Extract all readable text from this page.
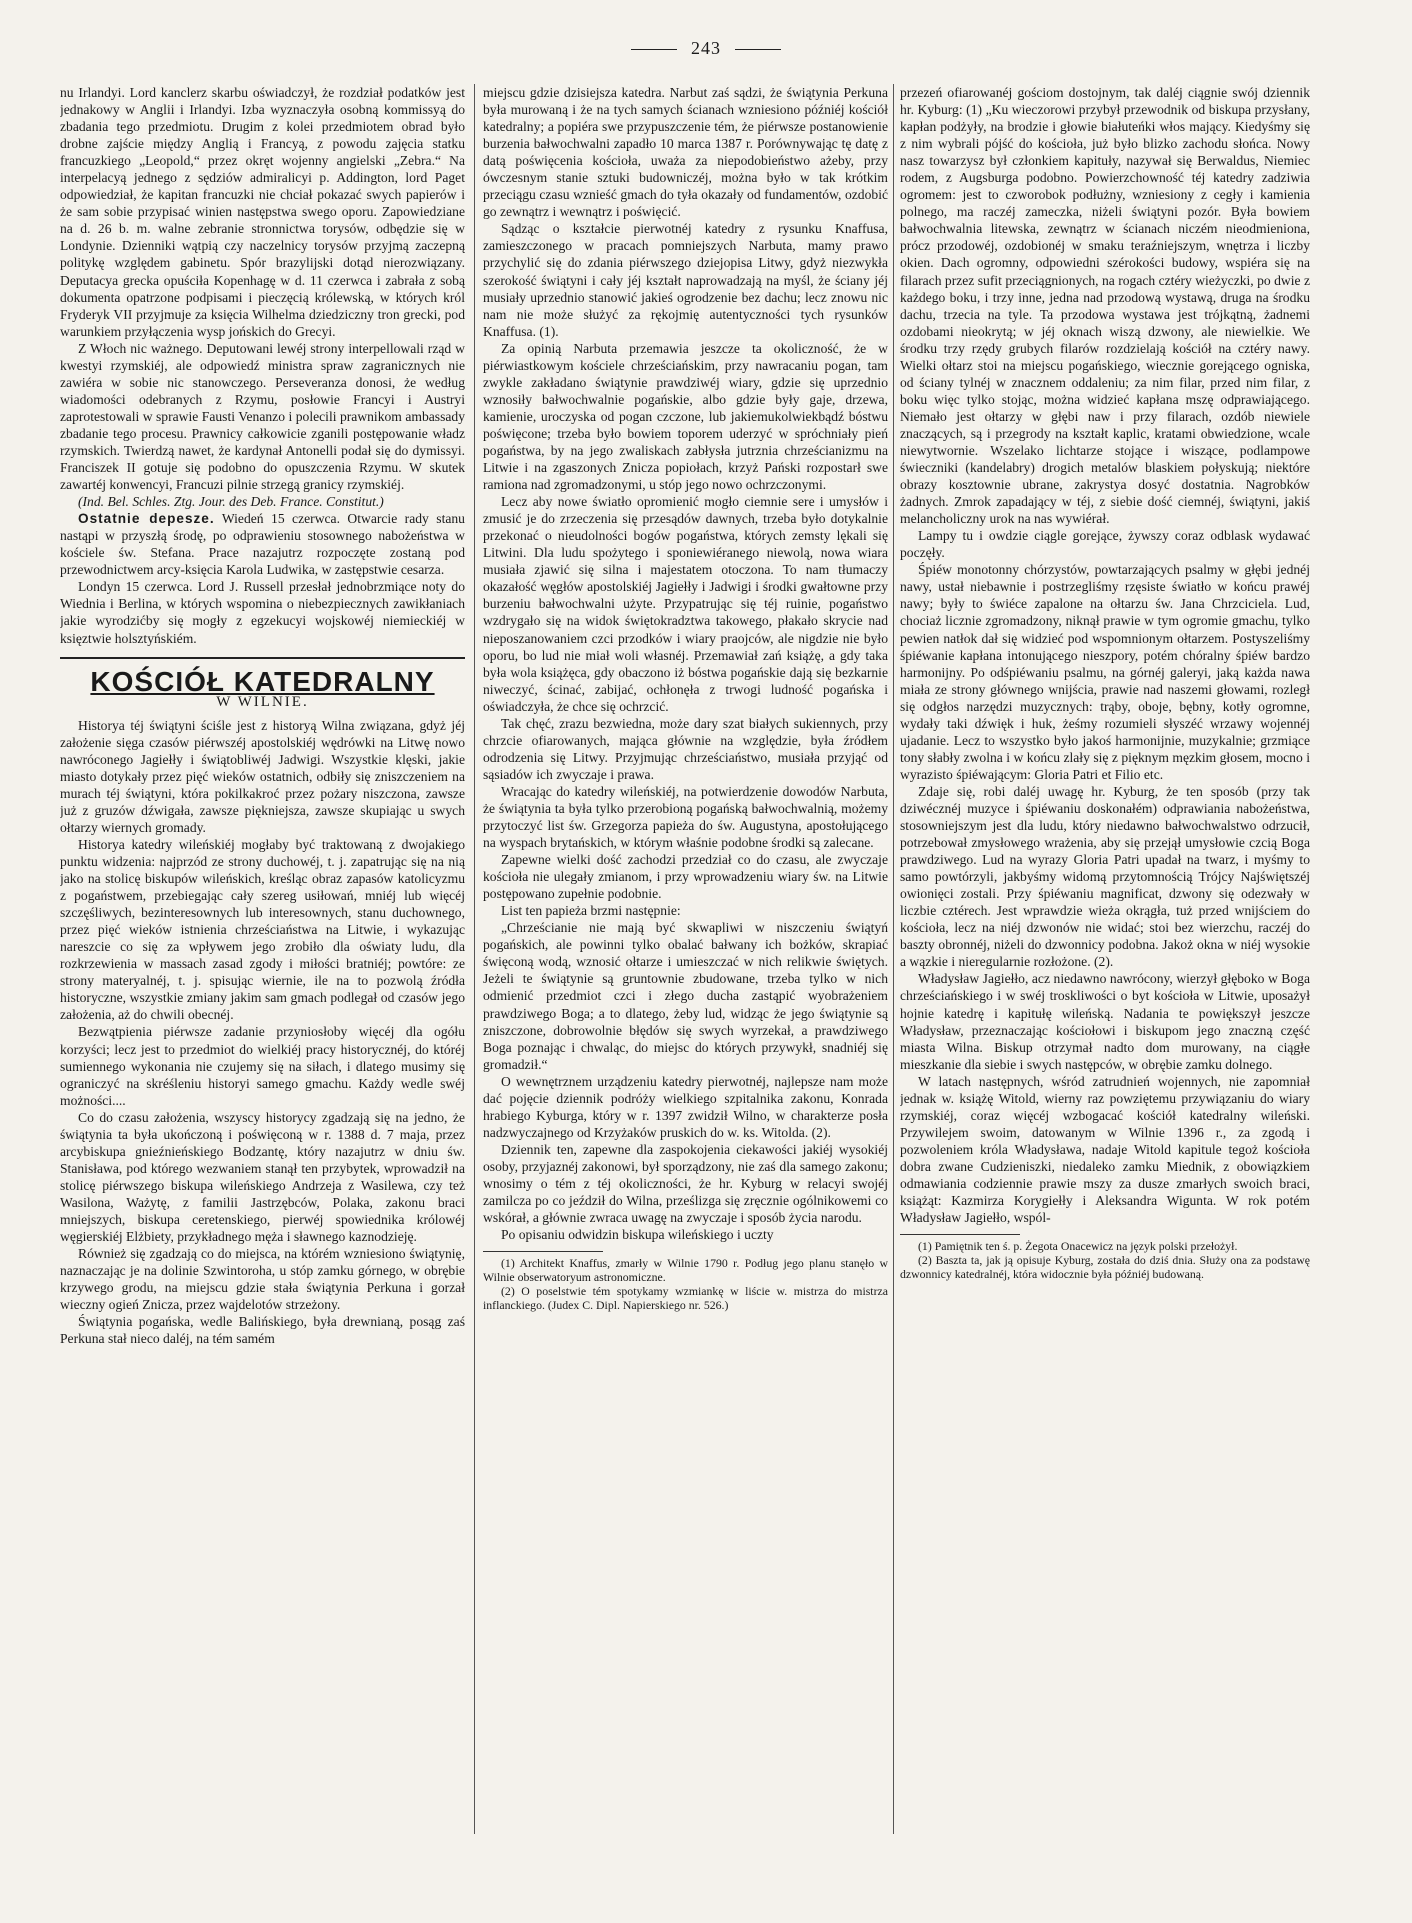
243

nu Irlandyi. Lord kanclerz skarbu oświadczył, że rozdział podatków jest jednakowy w Anglii i Irlandyi. Izba wyznaczyła osobną kommissyą do zbadania tego przedmiotu. Drugim z kolei przedmiotem obrad było drobne zajście między Anglią i Francyą, z powodu zajęcia statku francuzkiego „Leopold,“ przez okręt wojenny angielski „Zebra.“ Na interpelacyą jednego z sędziów admiralicyi p. Addington, lord Paget odpowiedział, że kapitan francuzki nie chciał pokazać swych papierów i że sam sobie przypisać winien następstwa swego oporu. Zapowiedziane na d. 26 b. m. walne zebranie stronnictwa torysów, odbędzie się w Londynie. Dzienniki wątpią czy naczelnicy torysów przyjmą zaczepną politykę względem gabinetu. Spór brazylijski dotąd nierozwiązany. Deputacya grecka opuściła Kopenhagę w d. 11 czerwca i zabrała z sobą dokumenta opatrzone podpisami i pieczęcią królewską, w których król Fryderyk VII przyjmuje za księcia Wilhelma dziedziczny tron grecki, pod warunkiem przyłączenia wysp jońskich do Grecyi.

Z Włoch nic ważnego. Deputowani lewéj strony interpellowali rząd w kwestyi rzymskiéj, ale odpowiedź ministra spraw zagranicznych nie zawiéra w sobie nic stanowczego. Perseveranza donosi, że według wiadomości odebranych z Rzymu, posłowie Francyi i Austryi zaprotestowali w sprawie Fausti Venanzo i polecili prawnikom ambassady zbadanie tego procesu. Prawnicy całkowicie zganili postępowanie władz rzymskich. Twierdzą nawet, że kardynał Antonelli podał się do dymissyi. Franciszek II gotuje się podobno do opuszczenia Rzymu. W skutek zawartéj konwencyi, Francuzi pilnie strzegą granicy rzymskiéj.

(Ind. Bel. Schles. Ztg. Jour. des Deb. France. Constitut.)

Ostatnie depesze. Wiedeń 15 czerwca. Otwarcie rady stanu nastąpi w przyszłą środę, po odprawieniu stosownego nabożeństwa w kościele św. Stefana. Prace nazajutrz rozpoczęte zostaną pod przewodnictwem arcy-księcia Karola Ludwika, w zastępstwie cesarza.

Londyn 15 czerwca. Lord J. Russell przesłał jednobrzmiące noty do Wiednia i Berlina, w których wspomina o niebezpiecznych zawikłaniach jakie wyrodzićby się mogły z egzekucyi wojskowéj niemieckiéj w księztwie holsztyńskiém.

KOŚCIÓŁ KATEDRALNY
W WILNIE.

Historya téj świątyni ściśle jest z historyą Wilna związana, gdyż jéj założenie sięga czasów piérwszéj apostolskiéj wędrówki na Litwę nowo nawróconego Jagiełły i świątobliwéj Jadwigi. Wszystkie klęski, jakie miasto dotykały przez pięć wieków ostatnich, odbiły się zniszczeniem na murach téj świątyni, która pokilkakroć przez pożary niszczona, zawsze już z gruzów dźwigała, zawsze piękniejsza, zawsze skupiając u swych ołtarzy wiernych gromady.

Historya katedry wileńskiéj mogłaby być traktowaną z dwojakiego punktu widzenia: najprzód ze strony duchowéj, t. j. zapatrując się na nią jako na stolicę biskupów wileńskich, kreśląc obraz zapasów katolicyzmu z pogaństwem, przebiegając cały szereg usiłowań, mniéj lub więcéj szczęśliwych, bezinteresownych lub interesownych, stanu duchownego, przez pięć wieków istnienia chrześciaństwa na Litwie, i wykazując nareszcie co się za wpływem jego zrobiło dla oświaty ludu, dla rozkrzewienia w massach zasad zgody i miłości bratniéj; powtóre: ze strony materyalnéj, t. j. spisując wiernie, ile na to pozwolą źródła historyczne, wszystkie zmiany jakim sam gmach podlegał od czasów jego założenia, aż do chwili obecnéj.

Bezwątpienia piérwsze zadanie przyniosłoby więcéj dla ogółu korzyści; lecz jest to przedmiot do wielkiéj pracy historycznéj, do któréj sumiennego wykonania nie czujemy się na siłach, i dlatego musimy się ograniczyć na skréśleniu historyi samego gmachu. Każdy wedle swéj możności....

Co do czasu założenia, wszyscy historycy zgadzają się na jedno, że świątynia ta była ukończoną i poświęconą w r. 1388 d. 7 maja, przez arcybiskupa gnieźnieńskiego Bodzantę, który nazajutrz w dniu św. Stanisława, pod którego wezwaniem stanął ten przybytek, wprowadził na stolicę piérwszego biskupa wileńskiego Andrzeja z Wasilewa, czy też Wasilona, Ważytę, z familii Jastrzębców, Polaka, zakonu braci mniejszych, biskupa ceretenskiego, pierwéj spowiednika królowéj węgierskiéj Elżbiety, przykładnego męża i sławnego kaznodzieję.

Również się zgadzają co do miejsca, na którém wzniesiono świątynię, naznaczając je na dolinie Szwintoroha, u stóp zamku górnego, w obrębie krzywego grodu, na miejscu gdzie stała świątynia Perkuna i gorzał wieczny ogień Znicza, przez wajdelotów strzeżony.

Świątynia pogańska, wedle Balińskiego, była drewnianą, posąg zaś Perkuna stał nieco daléj, na tém samém

miejscu gdzie dzisiejsza katedra. Narbut zaś sądzi, że świątynia Perkuna była murowaną i że na tych samych ścianach wzniesiono późniéj kościół katedralny; a popiéra swe przypuszczenie tém, że piérwsze postanowienie burzenia bałwochwalni zapadło 10 marca 1387 r. Porównywając tę datę z datą poświęcenia kościoła, uważa za niepodobieństwo ażeby, przy ówczesnym stanie sztuki budowniczéj, można było w tak krótkim przeciągu czasu wznieść gmach do tyła okazały od fundamentów, ozdobić go zewnątrz i wewnątrz i poświęcić.

Sądząc o kształcie pierwotnéj katedry z rysunku Knaffusa, zamieszczonego w pracach pomniejszych Narbuta, mamy prawo przychylić się do zdania piérwszego dziejopisa Litwy, gdyż niezwykła szerokość świątyni i cały jéj kształt naprowadzają na myśl, że ściany jéj musiały uprzednio stanowić jakieś ogrodzenie bez dachu; lecz znowu nic nam nie może służyć za rękojmię autentyczności tych rysunków Knaffusa. (1).

Za opinią Narbuta przemawia jeszcze ta okoliczność, że w piérwiastkowym kościele chrześciańskim, przy nawracaniu pogan, tam zwykle zakładano świątynie prawdziwéj wiary, gdzie się uprzednio wznosiły bałwochwalnie pogańskie, albo gdzie były gaje, drzewa, kamienie, uroczyska od pogan czczone, lub jakiemukolwiekbądź bóstwu poświęcone; trzeba było bowiem toporem uderzyć w spróchniały pień pogaństwa, by na jego zwaliskach zabłysła jutrznia chrześcianizmu na Litwie i na zgaszonych Znicza popiołach, krzyż Pański rozpostarł swe ramiona nad zgromadzonymi, u stóp jego nowo ochrzczonymi.

Lecz aby nowe światło opromienić mogło ciemnie sere i umysłów i zmusić je do zrzeczenia się przesądów dawnych, trzeba było dotykalnie przekonać o nieudolności bogów pogaństwa, których zemsty lękali się Litwini. Dla ludu spożytego i sponiewiéranego niewolą, nowa wiara musiała zjawić się silna i majestatem otoczona. To nam tłumaczy okazałość węgłów apostolskiéj Jagiełły i Jadwigi i środki gwałtowne przy burzeniu bałwochwalni użyte. Przypatrując się téj ruinie, pogaństwo wzdrygało się na widok świętokradztwa takowego, płakało skrycie nad nieposzanowaniem czci przodków i wiary praojców, ale nigdzie nie było oporu, bo lud nie miał woli własnéj. Przemawiał zań książę, a gdy taka była wola książęca, gdy obaczono iż bóstwa pogańskie dają się bezkarnie niweczyć, ścinać, zabijać, ochłonęła z trwogi ludność pogańska i oświadczyła, że chce się ochrzcić.

Tak chęć, zrazu bezwiedna, może dary szat białych sukiennych, przy chrzcie ofiarowanych, mająca głównie na względzie, była źródłem odrodzenia się Litwy. Przyjmując chrześciaństwo, musiała przyjąć od sąsiadów ich zwyczaje i prawa.

Wracając do katedry wileńskiéj, na potwierdzenie dowodów Narbuta, że świątynia ta była tylko przerobioną pogańską bałwochwalnią, możemy przytoczyć list św. Grzegorza papieża do św. Augustyna, apostołującego na wyspach brytańskich, w którym właśnie podobne środki są zalecane.

Zapewne wielki dość zachodzi przedział co do czasu, ale zwyczaje kościoła nie ulegały zmianom, i przy wprowadzeniu wiary św. na Litwie postępowano zupełnie podobnie.

List ten papieża brzmi następnie:

„Chrześcianie nie mają być skwapliwi w niszczeniu świątyń pogańskich, ale powinni tylko obalać bałwany ich bożków, skrapiać święconą wodą, wznosić ołtarze i umieszczać w nich relikwie świętych. Jeżeli te świątynie są gruntownie zbudowane, trzeba tylko w nich odmienić przedmiot czci i złego ducha zastąpić wyobrażeniem prawdziwego Boga; a to dlatego, żeby lud, widząc że jego świątynie są zniszczone, dobrowolnie błędów się swych wyrzekał, a prawdziwego Boga poznając i chwaląc, do miejsc do których przywykł, snadniéj się gromadził.“

O wewnętrznem urządzeniu katedry pierwotnéj, najlepsze nam może dać pojęcie dziennik podróży wielkiego szpitalnika zakonu, Konrada hrabiego Kyburga, który w r. 1397 zwidził Wilno, w charakterze posła nadzwyczajnego od Krzyżaków pruskich do w. ks. Witolda. (2).

Dziennik ten, zapewne dla zaspokojenia ciekawości jakiéj wysokiéj osoby, przyjaznéj zakonowi, był sporządzony, nie zaś dla samego zakonu; wnosimy o tém z téj okoliczności, że hr. Kyburg w relacyi swojéj zamilcza po co jeździł do Wilna, prześlizga się zręcznie ogólnikowemi co wskórał, a głównie zwraca uwagę na zwyczaje i sposób życia narodu.

Po opisaniu odwidzin biskupa wileńskiego i uczty

(1) Architekt Knaffus, zmarły w Wilnie 1790 r. Podług jego planu stanęło w Wilnie obserwatoryum astronomiczne.

(2) O poselstwie tém spotykamy wzmiankę w liście w. mistrza do mistrza inflanckiego. (Judex C. Dipl. Napierskiego nr. 526.)

przezeń ofiarowanéj gościom dostojnym, tak daléj ciągnie swój dziennik hr. Kyburg: (1) „Ku wieczorowi przybył przewodnik od biskupa przysłany, kapłan podżyły, na brodzie i głowie białuteńki włos mający. Kiedyśmy się z nim wybrali pójść do kościoła, już było blizko zachodu słońca. Nowy nasz towarzysz był członkiem kapituły, nazywał się Berwaldus, Niemiec rodem, z Augsburga podobno. Powierzchowność téj katedry zadziwia ogromem: jest to czworobok podłużny, wzniesiony z cegły i kamienia polnego, ma raczéj zameczka, niżeli świątyni pozór. Była bowiem bałwochwalnia litewska, zewnątrz w ścianach niczém nieodmieniona, prócz przodowéj, ozdobionéj w smaku teraźniejszym, wnętrza i liczby okien. Dach ogromny, odpowiedni szérokości budowy, wspiéra się na filarach przez sufit przeciągnionych, na rogach cztéry wieżyczki, po dwie z każdego boku, i trzy inne, jedna nad przodową wystawą, druga na środku dachu, trzecia na tyle. Ta przodowa wystawa jest trójkątną, żadnemi ozdobami nieokrytą; w jéj oknach wiszą dzwony, ale niewielkie. We środku trzy rzędy grubych filarów rozdzielają kościół na cztéry nawy. Wielki ołtarz stoi na miejscu pogańskiego, wiecznie gorejącego ogniska, od ściany tylnéj w znacznem oddaleniu; za nim filar, przed nim filar, z boku więc tylko stojąc, można widzieć kapłana mszę odprawiającego. Niemało jest ołtarzy w głębi naw i przy filarach, ozdób niewiele znaczących, są i przegrody na kształt kaplic, kratami obwiedzione, wcale niewytwornie. Wszelako lichtarze stojące i wiszące, podlampowe świeczniki (kandelabry) drogich metalów blaskiem połyskują; niektóre obrazy kosztownie ubrane, zakrystya dosyć dostatnia. Nagrobków żadnych. Zmrok zapadający w téj, z siebie dość ciemnéj, świątyni, jakiś melancholiczny urok na nas wywiérał.

Lampy tu i owdzie ciągle gorejące, żywszy coraz odblask wydawać poczęły.

Śpiéw monotonny chórzystów, powtarzających psalmy w głębi jednéj nawy, ustał niebawnie i postrzegliśmy rzęsiste światło w końcu prawéj nawy; były to świéce zapalone na ołtarzu św. Jana Chrzciciela. Lud, chociaż licznie zgromadzony, niknął prawie w tym ogromie gmachu, tylko pewien natłok dał się widzieć pod wspomnionym ołtarzem. Postyszeliśmy śpiéwanie kapłana intonującego nieszpory, potém chóralny śpiéw bardzo harmonijny. Po odśpiéwaniu psalmu, na górnéj galeryi, jaką każda nawa miała ze strony głównego wnijścia, prawie nad naszemi głowami, rozległ się odgłos narzędzi muzycznych: trąby, oboje, bębny, kotły ogromne, wydały taki dźwięk i huk, żeśmy rozumieli słyszéć wrzawy wojennéj ujadanie. Lecz to wszystko było jakoś harmonijnie, muzykalnie; grzmiące tony słabły zwolna i w końcu zlały się z pięknym męzkim głosem, mocno i wyrazisto śpiéwającym: Gloria Patri et Filio etc.

Zdaje się, robi daléj uwagę hr. Kyburg, że ten sposób (przy tak dziwécznéj muzyce i śpiéwaniu doskonałém) odprawiania nabożeństwa, stosowniejszym jest dla ludu, który niedawno bałwochwalstwo odrzucił, potrzebował zmysłowego wrażenia, aby się przejął umysłowie czcią Boga prawdziwego. Lud na wyrazy Gloria Patri upadał na twarz, i myśmy to samo powtórzyli, jakbyśmy widomą przytomnością Trójcy Najświętszéj owionięci zostali. Przy śpiéwaniu magnificat, dzwony się odezwały w liczbie cztérech. Jest wprawdzie wieża okrągła, tuż przed wnijściem do kościoła, lecz na niéj dzwonów nie widać; stoi bez wierzchu, raczéj do baszty obronnéj, niżeli do dzwonnicy podobna. Jakoż okna w niéj wysokie a wązkie i nieregularnie rozłożone. (2).

Władysław Jagiełło, acz niedawno nawrócony, wierzył głęboko w Boga chrześciańskiego i w swéj troskliwości o byt kościoła w Litwie, uposażył hojnie katedrę i kapitułę wileńską. Nadania te powiększył jeszcze Władysław, przeznaczając kościołowi i biskupom jego znaczną część miasta Wilna. Biskup otrzymał nadto dom murowany, na ciągłe mieszkanie dla siebie i swych następców, w obrębie zamku dolnego.

W latach następnych, wśród zatrudnień wojennych, nie zapomniał jednak w. książę Witold, wierny raz powziętemu przywiązaniu do wiary rzymskiéj, coraz więcéj wzbogacać kościół katedralny wileński. Przywilejem swoim, datowanym w Wilnie 1396 r., za zgodą i pozwoleniem króla Władysława, nadaje Witold kapitule tegoż kościoła dobra zwane Cudzieniszki, niedaleko zamku Miednik, z obowiązkiem odmawiania codziennie prawie mszy za dusze zmarłych swoich braci, książąt: Kazmirza Korygiełły i Aleksandra Wigunta. W rok potém Władysław Jagiełło, wspól-

(1) Pamiętnik ten ś. p. Żegota Onacewicz na język polski przełożył.

(2) Baszta ta, jak ją opisuje Kyburg, została do dziś dnia. Służy ona za podstawę dzwonnicy katedralnéj, która widocznie była późniéj budowaną.
